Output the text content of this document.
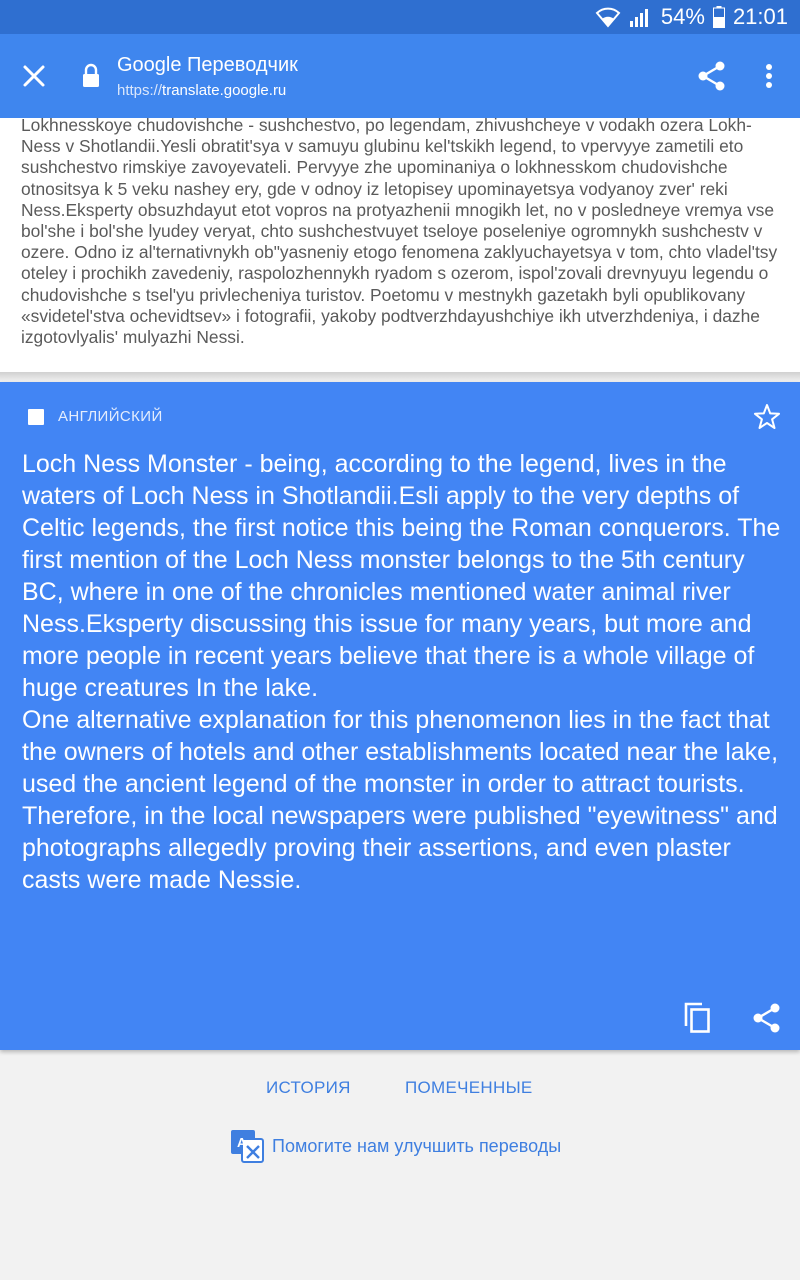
54% 21:01
Google Переводчик
https://translate.google.ru
Lokhnesskoye chudovishche - sushchestvo, po legendam, zhivushcheye v vodakh ozera Lokh-Ness v Shotlandii.Yesli obratit'sya v samuyu glubinu kel'tskikh legend, to vpervyye zametili eto sushchestvo rimskiye zavoyevateli. Pervyye zhe upominaniya o lokhnesskom chudovishche otnositsya k 5 veku nashey ery, gde v odnoy iz letopisey upominayetsya vodyanoy zver' reki Ness.Eksperty obsuzhdayut etot vopros na protyazhenii mnogikh let, no v posledneye vremya vse bol'she i bol'she lyudey veryat, chto sushchestvuyet tseloye poseleniye ogromnykh sushchestv v ozere. Odno iz al'ternativnykh ob"yasneniy etogo fenomena zaklyuchayetsya v tom, chto vladel'tsy oteley i prochikh zavedeniy, raspolozhennykh ryadom s ozerom, ispol'zovali drevnyuyu legendu o chudovishche s tsel'yu privlecheniya turistov. Poetomu v mestnykh gazetakh byli opublikovany «svidetel'stva ochevidtsev» i fotografii, yakoby podtverzhdayushchiye ikh utverzhdeniya, i dazhe izgotovlyalis' mulyazhi Nessi.
АНГЛИЙСКИЙ
Loch Ness Monster - being, according to the legend, lives in the waters of Loch Ness in Shotlandii.Esli apply to the very depths of Celtic legends, the first notice this being the Roman conquerors. The first mention of the Loch Ness monster belongs to the 5th century BC, where in one of the chronicles mentioned water animal river Ness.Eksperty discussing this issue for many years, but more and more people in recent years believe that there is a whole village of huge creatures In the lake.
One alternative explanation for this phenomenon lies in the fact that the owners of hotels and other establishments located near the lake, used the ancient legend of the monster in order to attract tourists. Therefore, in the local newspapers were published "eyewitness" and photographs allegedly proving their assertions, and even plaster casts were made Nessie.
ИСТОРИЯ	ПОМЕЧЕННЫЕ
A Помогите нам улучшить переводы
